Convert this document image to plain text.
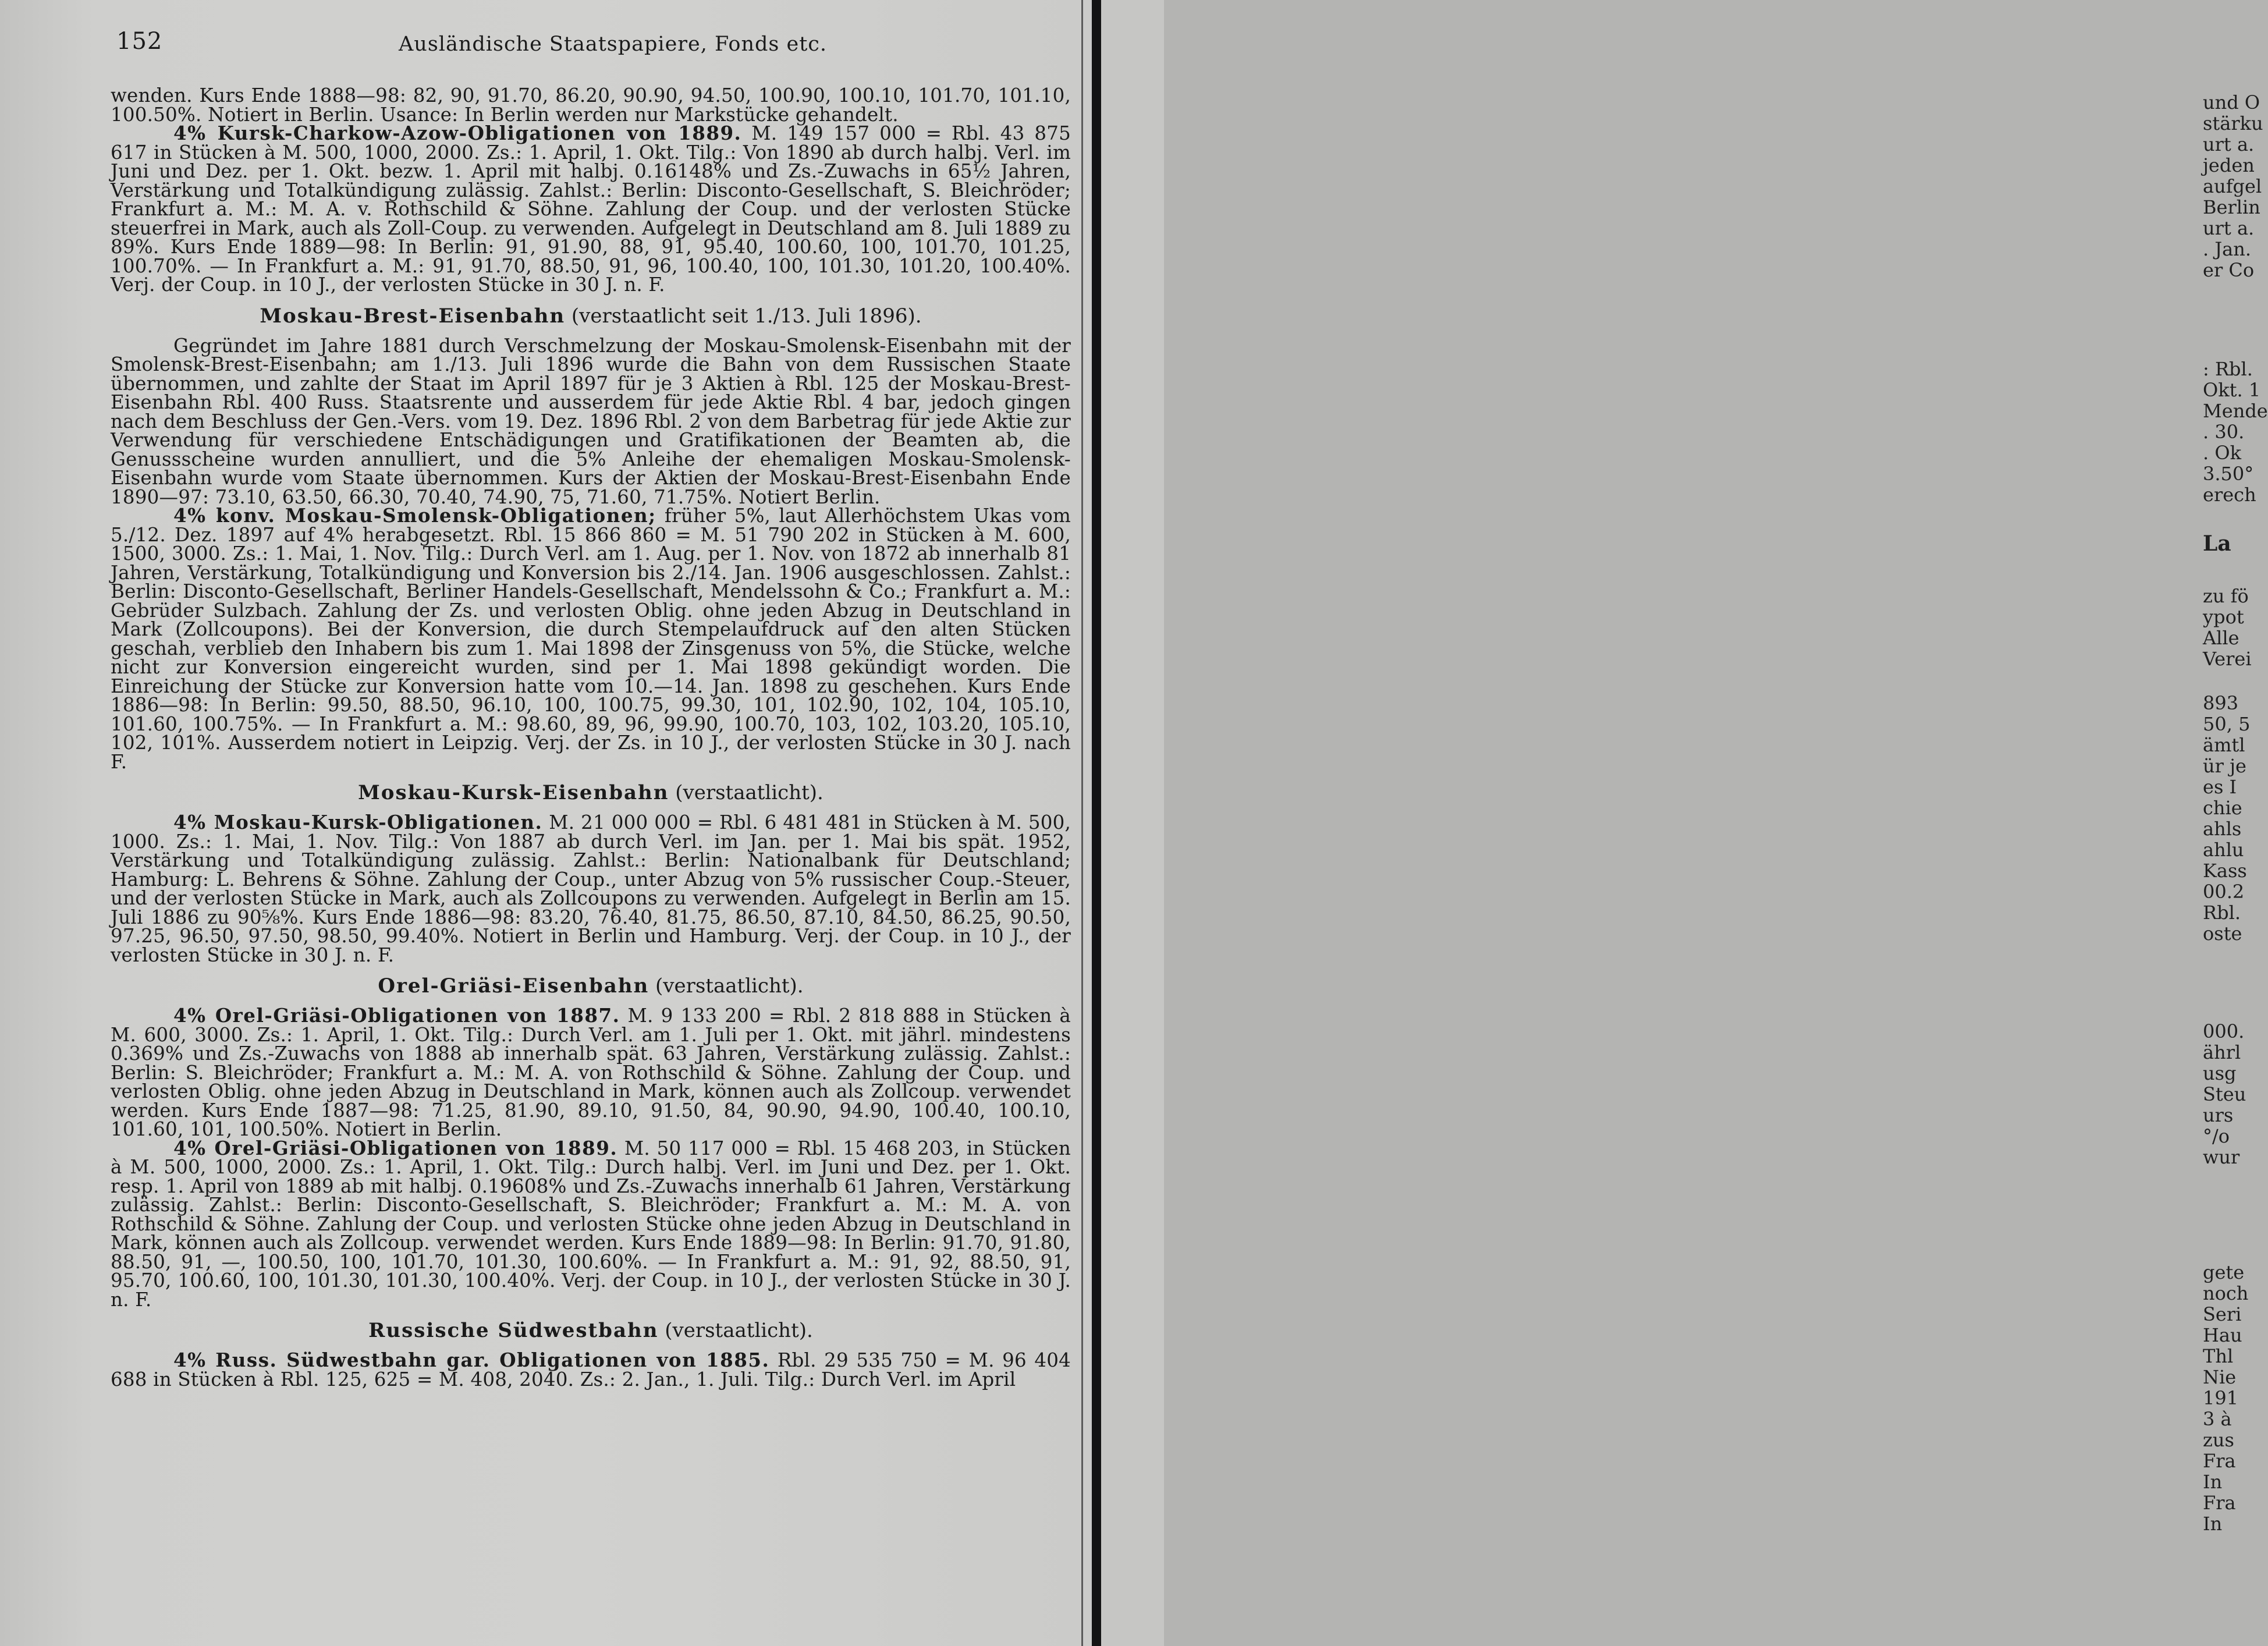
152	Ausländische Staatspapiere, Fonds etc.

wenden. Kurs Ende 1888—98: 82, 90, 91.70, 86.20, 90.90, 94.50, 100.90, 100.10, 101.70, 101.10, 100.50%. Notiert in Berlin. Usance: In Berlin werden nur Markstücke gehandelt.

4% Kursk-Charkow-Azow-Obligationen von 1889. M. 149 157 000 = Rbl. 43 875 617 in Stücken à M. 500, 1000, 2000. Zs.: 1. April, 1. Okt. Tilg.: Von 1890 ab durch halbj. Verl. im Juni und Dez. per 1. Okt. bezw. 1. April mit halbj. 0.16148% und Zs.-Zuwachs in 65½ Jahren, Verstärkung und Totalkündigung zulässig. Zahlst.: Berlin: Disconto-Gesellschaft, S. Bleichröder; Frankfurt a. M.: M. A. v. Rothschild & Söhne. Zahlung der Coup. und der verlosten Stücke steuerfrei in Mark, auch als Zoll-Coup. zu verwenden. Aufgelegt in Deutschland am 8. Juli 1889 zu 89%. Kurs Ende 1889—98: In Berlin: 91, 91.90, 88, 91, 95.40, 100.60, 100, 101.70, 101.25, 100.70%. — In Frankfurt a. M.: 91, 91.70, 88.50, 91, 96, 100.40, 100, 101.30, 101.20, 100.40%. Verj. der Coup. in 10 J., der verlosten Stücke in 30 J. n. F.

Moskau-Brest-Eisenbahn (verstaatlicht seit 1./13. Juli 1896).

Gegründet im Jahre 1881 durch Verschmelzung der Moskau-Smolensk-Eisenbahn mit der Smolensk-Brest-Eisenbahn; am 1./13. Juli 1896 wurde die Bahn von dem Russischen Staate übernommen, und zahlte der Staat im April 1897 für je 3 Aktien à Rbl. 125 der Moskau-Brest-Eisenbahn Rbl. 400 Russ. Staatsrente und ausserdem für jede Aktie Rbl. 4 bar, jedoch gingen nach dem Beschluss der Gen.-Vers. vom 19. Dez. 1896 Rbl. 2 von dem Barbetrag für jede Aktie zur Verwendung für verschiedene Entschädigungen und Gratifikationen der Beamten ab, die Genussscheine wurden annulliert, und die 5% Anleihe der ehemaligen Moskau-Smolensk-Eisenbahn wurde vom Staate übernommen. Kurs der Aktien der Moskau-Brest-Eisenbahn Ende 1890—97: 73.10, 63.50, 66.30, 70.40, 74.90, 75, 71.60, 71.75%. Notiert Berlin.

4% konv. Moskau-Smolensk-Obligationen; früher 5%, laut Allerhöchstem Ukas vom 5./12. Dez. 1897 auf 4% herabgesetzt. Rbl. 15 866 860 = M. 51 790 202 in Stücken à M. 600, 1500, 3000. Zs.: 1. Mai, 1. Nov. Tilg.: Durch Verl. am 1. Aug. per 1. Nov. von 1872 ab innerhalb 81 Jahren, Verstärkung, Totalkündigung und Konversion bis 2./14. Jan. 1906 ausgeschlossen. Zahlst.: Berlin: Disconto-Gesellschaft, Berliner Handels-Gesellschaft, Mendelssohn & Co.; Frankfurt a. M.: Gebrüder Sulzbach. Zahlung der Zs. und verlosten Oblig. ohne jeden Abzug in Deutschland in Mark (Zollcoupons). Bei der Konversion, die durch Stempelaufdruck auf den alten Stücken geschah, verblieb den Inhabern bis zum 1. Mai 1898 der Zinsgenuss von 5%, die Stücke, welche nicht zur Konversion eingereicht wurden, sind per 1. Mai 1898 gekündigt worden. Die Einreichung der Stücke zur Konversion hatte vom 10.—14. Jan. 1898 zu geschehen. Kurs Ende 1886—98: In Berlin: 99.50, 88.50, 96.10, 100, 100.75, 99.30, 101, 102.90, 102, 104, 105.10, 101.60, 100.75%. — In Frankfurt a. M.: 98.60, 89, 96, 99.90, 100.70, 103, 102, 103.20, 105.10, 102, 101%. Ausserdem notiert in Leipzig. Verj. der Zs. in 10 J., der verlosten Stücke in 30 J. nach F.

Moskau-Kursk-Eisenbahn (verstaatlicht).

4% Moskau-Kursk-Obligationen. M. 21 000 000 = Rbl. 6 481 481 in Stücken à M. 500, 1000. Zs.: 1. Mai, 1. Nov. Tilg.: Von 1887 ab durch Verl. im Jan. per 1. Mai bis spät. 1952, Verstärkung und Totalkündigung zulässig. Zahlst.: Berlin: Nationalbank für Deutschland; Hamburg: L. Behrens & Söhne. Zahlung der Coup., unter Abzug von 5% russischer Coup.-Steuer, und der verlosten Stücke in Mark, auch als Zollcoupons zu verwenden. Aufgelegt in Berlin am 15. Juli 1886 zu 90⅝%. Kurs Ende 1886—98: 83.20, 76.40, 81.75, 86.50, 87.10, 84.50, 86.25, 90.50, 97.25, 96.50, 97.50, 98.50, 99.40%. Notiert in Berlin und Hamburg. Verj. der Coup. in 10 J., der verlosten Stücke in 30 J. n. F.

Orel-Griäsi-Eisenbahn (verstaatlicht).

4% Orel-Griäsi-Obligationen von 1887. M. 9 133 200 = Rbl. 2 818 888 in Stücken à M. 600, 3000. Zs.: 1. April, 1. Okt. Tilg.: Durch Verl. am 1. Juli per 1. Okt. mit jährl. mindestens 0.369% und Zs.-Zuwachs von 1888 ab innerhalb spät. 63 Jahren, Verstärkung zulässig. Zahlst.: Berlin: S. Bleichröder; Frankfurt a. M.: M. A. von Rothschild & Söhne. Zahlung der Coup. und verlosten Oblig. ohne jeden Abzug in Deutschland in Mark, können auch als Zollcoup. verwendet werden. Kurs Ende 1887—98: 71.25, 81.90, 89.10, 91.50, 84, 90.90, 94.90, 100.40, 100.10, 101.60, 101, 100.50%. Notiert in Berlin.

4% Orel-Griäsi-Obligationen von 1889. M. 50 117 000 = Rbl. 15 468 203, in Stücken à M. 500, 1000, 2000. Zs.: 1. April, 1. Okt. Tilg.: Durch halbj. Verl. im Juni und Dez. per 1. Okt. resp. 1. April von 1889 ab mit halbj. 0.19608% und Zs.-Zuwachs innerhalb 61 Jahren, Verstärkung zulässig. Zahlst.: Berlin: Disconto-Gesellschaft, S. Bleichröder; Frankfurt a. M.: M. A. von Rothschild & Söhne. Zahlung der Coup. und verlosten Stücke ohne jeden Abzug in Deutschland in Mark, können auch als Zollcoup. verwendet werden. Kurs Ende 1889—98: In Berlin: 91.70, 91.80, 88.50, 91, —, 100.50, 100, 101.70, 101.30, 100.60%. — In Frankfurt a. M.: 91, 92, 88.50, 91, 95.70, 100.60, 100, 101.30, 101.30, 100.40%. Verj. der Coup. in 10 J., der verlosten Stücke in 30 J. n. F.

Russische Südwestbahn (verstaatlicht).

4% Russ. Südwestbahn gar. Obligationen von 1885. Rbl. 29 535 750 = M. 96 404 688 in Stücken à Rbl. 125, 625 = M. 408, 2040. Zs.: 2. Jan., 1. Juli. Tilg.: Durch Verl. im April

und O
stärku
urt a.
jeden
aufgel
Berlin
urt a.
. Jan.
er Co
: Rbl.
Okt. 1
Mende
. 30.
. Ok
3.50°
erech
La
zu fö
ypot
Alle
Verei
893
50, 5
ämtl
ür je
es I
chie
ahls
ahlu
Kass
00.2
Rbl.
oste
000.
ährl
usg
Steu
urs
°/o
wur
gete
noch
Seri
Hau
Thl
Nie
191
3 à
zus
Fra
In
Fra
In
